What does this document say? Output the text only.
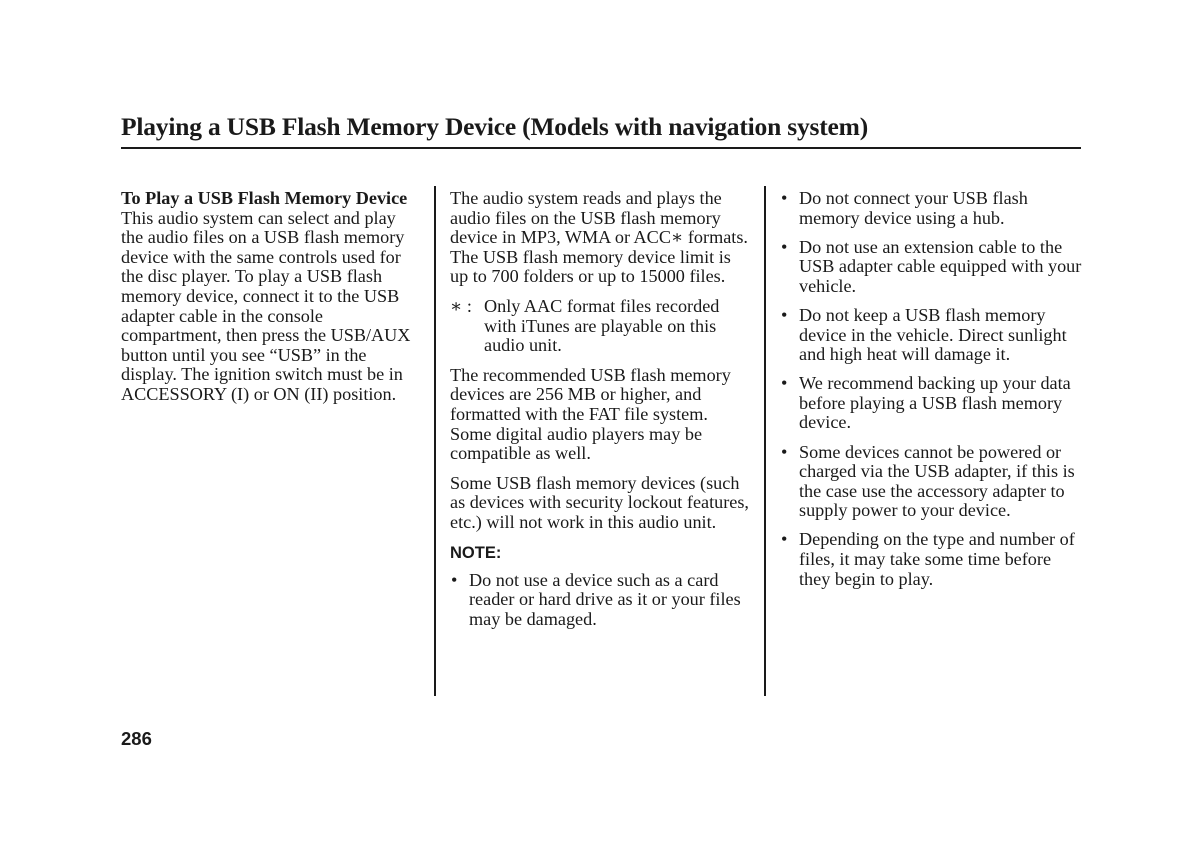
Playing a USB Flash Memory Device (Models with navigation system)
To Play a USB Flash Memory Device

This audio system can select and play the audio files on a USB flash memory device with the same controls used for the disc player. To play a USB flash memory device, connect it to the USB adapter cable in the console compartment, then press the USB/AUX button until you see “USB” in the display. The ignition switch must be in ACCESSORY (I) or ON (II) position.

The audio system reads and plays the audio files on the USB flash memory device in MP3, WMA or ACC∗ formats. The USB flash memory device limit is up to 700 folders or up to 15000 files.

∗ : Only AAC format files recorded with iTunes are playable on this audio unit.

The recommended USB flash memory devices are 256 MB or higher, and formatted with the FAT file system. Some digital audio players may be compatible as well.

Some USB flash memory devices (such as devices with security lockout features, etc.) will not work in this audio unit.

NOTE:
• Do not use a device such as a card reader or hard drive as it or your files may be damaged.
• Do not connect your USB flash memory device using a hub.
• Do not use an extension cable to the USB adapter cable equipped with your vehicle.
• Do not keep a USB flash memory device in the vehicle. Direct sunlight and high heat will damage it.
• We recommend backing up your data before playing a USB flash memory device.
• Some devices cannot be powered or charged via the USB adapter, if this is the case use the accessory adapter to supply power to your device.
• Depending on the type and number of files, it may take some time before they begin to play.
286
